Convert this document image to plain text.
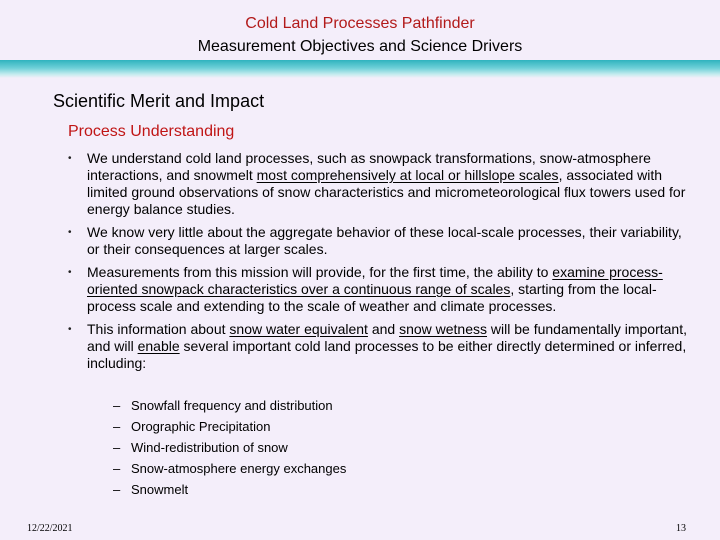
Cold Land Processes Pathfinder
Measurement Objectives and Science Drivers
Scientific Merit and Impact
Process Understanding
• We understand cold land processes, such as snowpack transformations, snow-atmosphere interactions, and snowmelt most comprehensively at local or hillslope scales, associated with limited ground observations of snow characteristics and micrometeorological flux towers used for energy balance studies.
• We know very little about the aggregate behavior of these local-scale processes, their variability, or their consequences at larger scales.
• Measurements from this mission will provide, for the first time, the ability to examine process-oriented snowpack characteristics over a continuous range of scales, starting from the local-process scale and extending to the scale of weather and climate processes.
• This information about snow water equivalent and snow wetness will be fundamentally important, and will enable several important cold land processes to be either directly determined or inferred, including:
– Snowfall frequency and distribution
– Orographic Precipitation
– Wind-redistribution of snow
– Snow-atmosphere energy exchanges
– Snowmelt
12/22/2021	13
